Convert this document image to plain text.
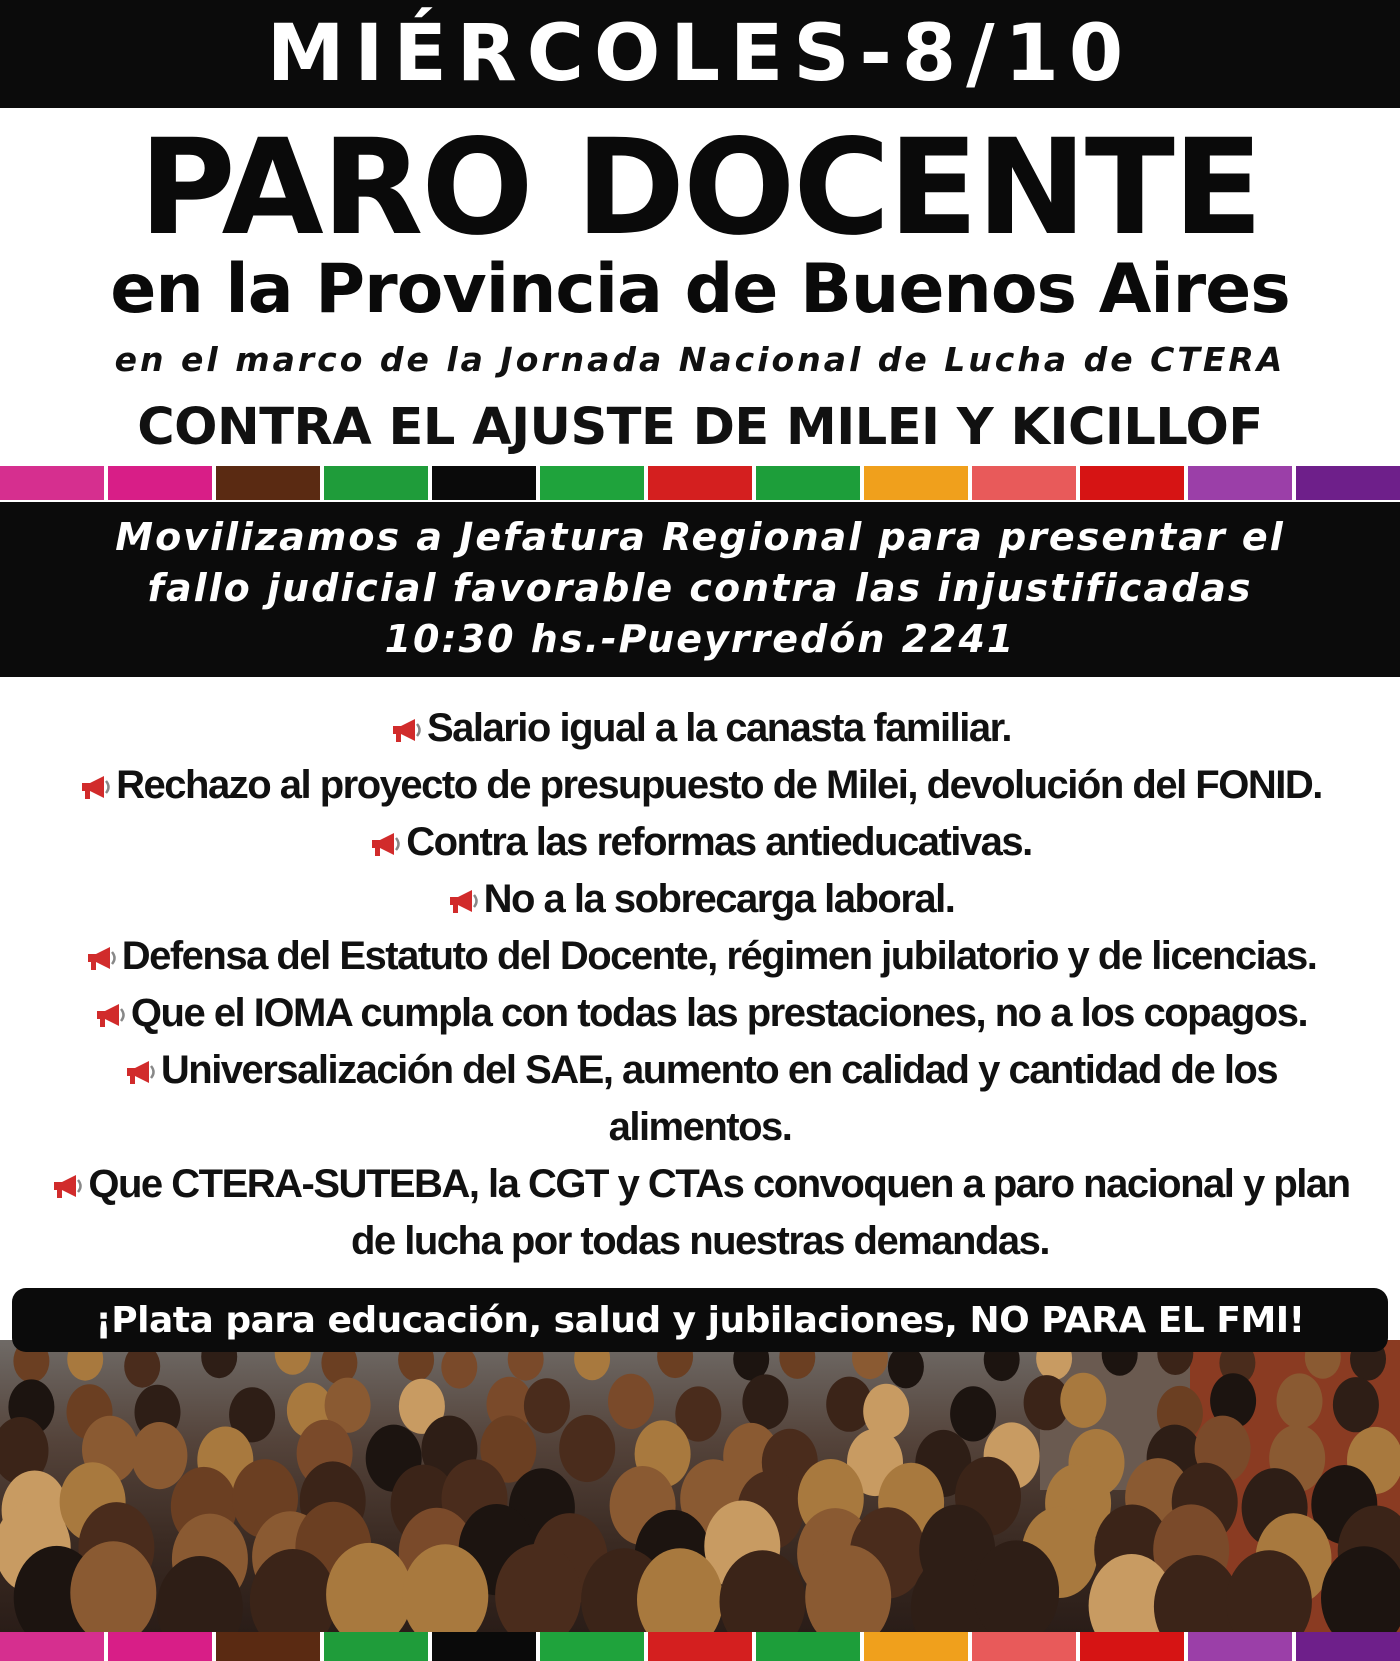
MIÉRCOLES-8/10
PARO DOCENTE
en la Provincia de Buenos Aires
en el marco de la Jornada Nacional de Lucha de CTERA
CONTRA EL AJUSTE DE MILEI Y KICILLOF
Movilizamos a Jefatura Regional para presentar el
fallo judicial favorable contra las injustificadas
10:30 hs.-Pueyrredón 2241
Salario igual a la canasta familiar.
Rechazo al proyecto de presupuesto de Milei, devolución del FONID.
Contra las reformas antieducativas.
No a la sobrecarga laboral.
Defensa del Estatuto del Docente, régimen jubilatorio y de licencias.
Que el IOMA cumpla con todas las prestaciones, no a los copagos.
Universalización del SAE, aumento en calidad y cantidad de los alimentos.
Que CTERA-SUTEBA, la CGT y CTAs convoquen a paro nacional y plan de lucha por todas nuestras demandas.
¡Plata para educación, salud y jubilaciones, NO PARA EL FMI!
